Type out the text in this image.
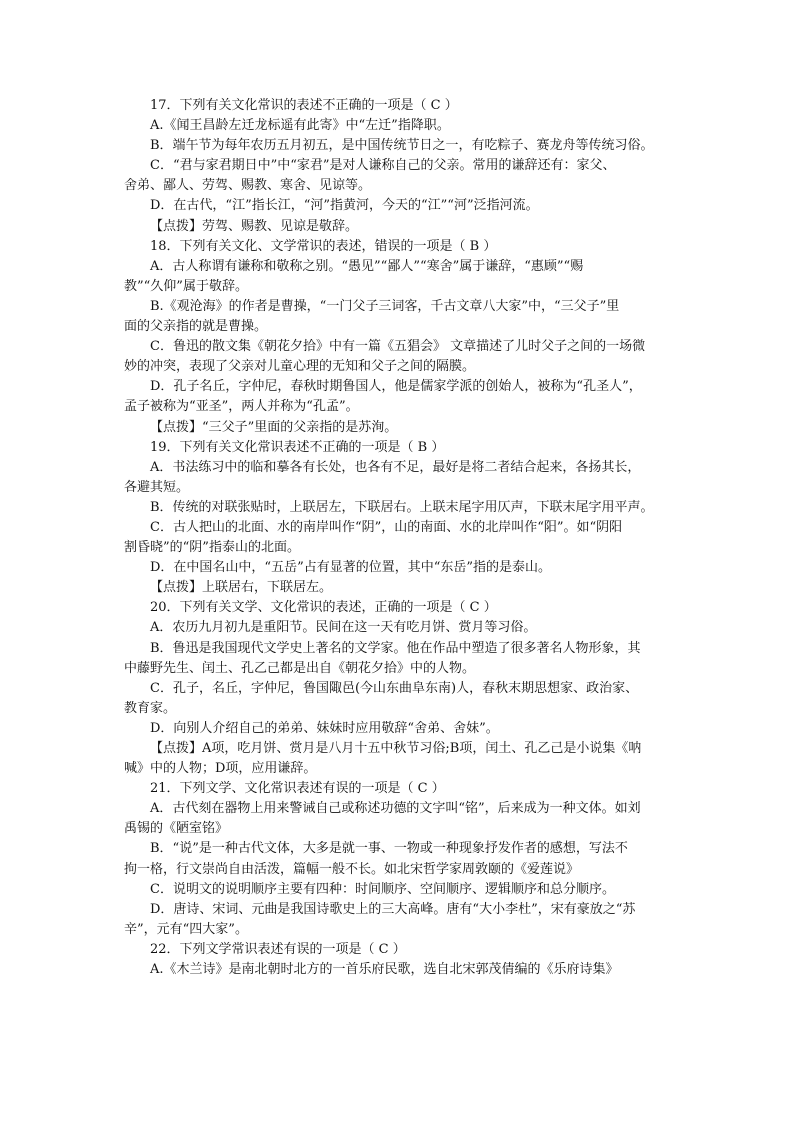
17．下列有关文化常识的表述不正确的一项是（ C ）
A.《闻王昌龄左迁龙标遥有此寄》中“左迁”指降职。
B．端午节为每年农历五月初五，是中国传统节日之一，有吃粽子、赛龙舟等传统习俗。
C．“君与家君期日中”中“家君”是对人谦称自己的父亲。常用的谦辞还有：家父、
舍弟、鄙人、劳驾、赐教、寒舍、见谅等。
D．在古代，“江”指长江，“河”指黄河，今天的“江”“河”泛指河流。
【点拨】劳驾、赐教、见谅是敬辞。
18．下列有关文化、文学常识的表述，错误的一项是（ B ）
A．古人称谓有谦称和敬称之别。“愚见”“鄙人”“寒舍”属于谦辞，“惠顾”“赐
教”“久仰”属于敬辞。
B.《观沧海》的作者是曹操，“一门父子三词客，千古文章八大家”中，“三父子”里
面的父亲指的就是曹操。
C．鲁迅的散文集《朝花夕拾》中有一篇《五猖会》 文章描述了儿时父子之间的一场微
妙的冲突，表现了父亲对儿童心理的无知和父子之间的隔膜。
D．孔子名丘，字仲尼，春秋时期鲁国人，他是儒家学派的创始人，被称为“孔圣人”，
孟子被称为“亚圣”，两人并称为“孔孟”。
【点拨】“三父子”里面的父亲指的是苏洵。
19．下列有关文化常识表述不正确的一项是（ B ）
A．书法练习中的临和摹各有长处，也各有不足，最好是将二者结合起来，各扬其长，
各避其短。
B．传统的对联张贴时，上联居左，下联居右。上联末尾字用仄声，下联末尾字用平声。
C．古人把山的北面、水的南岸叫作“阴”，山的南面、水的北岸叫作“阳”。如“阴阳
割昏晓”的“阴”指泰山的北面。
D．在中国名山中，“五岳”占有显著的位置，其中“东岳”指的是泰山。
【点拨】上联居右，下联居左。
20．下列有关文学、文化常识的表述，正确的一项是（ C ）
A．农历九月初九是重阳节。民间在这一天有吃月饼、赏月等习俗。
B．鲁迅是我国现代文学史上著名的文学家。他在作品中塑造了很多著名人物形象，其
中藤野先生、闰土、孔乙己都是出自《朝花夕拾》中的人物。
C．孔子，名丘，字仲尼，鲁国陬邑(今山东曲阜东南)人，春秋末期思想家、政治家、
教育家。
D．向别人介绍自己的弟弟、妹妹时应用敬辞“舍弟、舍妹”。
【点拨】A项，吃月饼、赏月是八月十五中秋节习俗;B项，闰土、孔乙己是小说集《呐
喊》中的人物；D项，应用谦辞。
21．下列文学、文化常识表述有误的一项是（ C ）
A．古代刻在器物上用来警诫自己或称述功德的文字叫“铭”，后来成为一种文体。如刘
禹锡的《陋室铭》
B．“说”是一种古代文体，大多是就一事、一物或一种现象抒发作者的感想，写法不
拘一格，行文崇尚自由活泼，篇幅一般不长。如北宋哲学家周敦颐的《爱莲说》
C．说明文的说明顺序主要有四种：时间顺序、空间顺序、逻辑顺序和总分顺序。
D．唐诗、宋词、元曲是我国诗歌史上的三大高峰。唐有“大小李杜”，宋有豪放之“苏
辛”，元有“四大家”。
22．下列文学常识表述有误的一项是（ C ）
A.《木兰诗》是南北朝时北方的一首乐府民歌，选自北宋郭茂倩编的《乐府诗集》
